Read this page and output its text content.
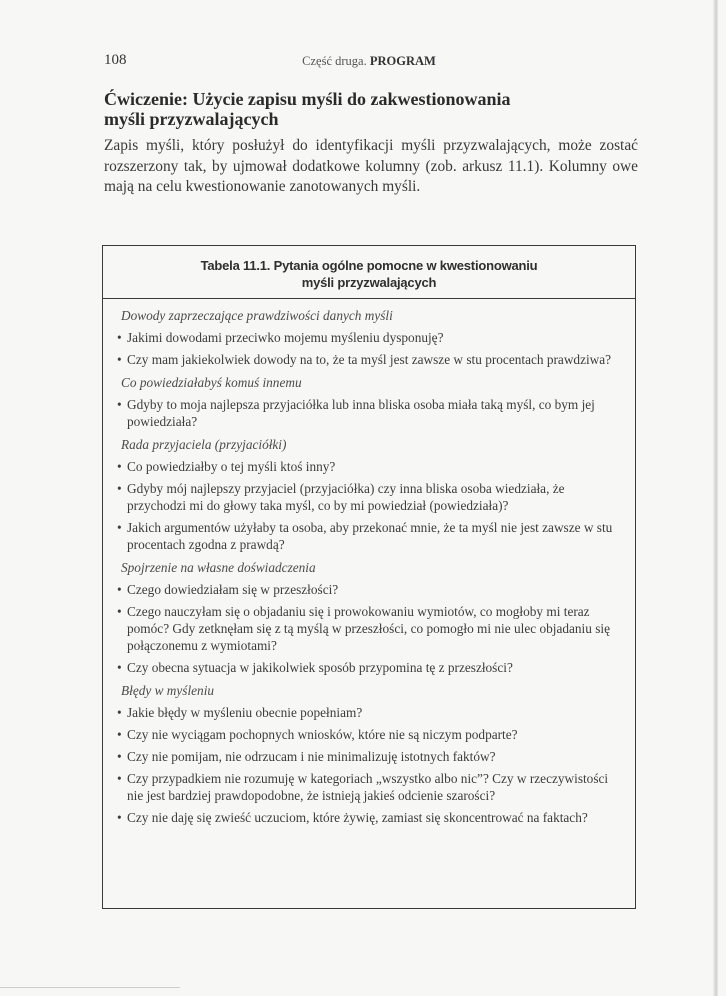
108	Część druga. PROGRAM
Ćwiczenie: Użycie zapisu myśli do zakwestionowania
myśli przyzwalających

Zapis myśli, który posłużył do identyfikacji myśli przyzwalających, może zostać rozszerzony tak, by ujmował dodatkowe kolumny (zob. arkusz 11.1). Kolumny owe mają na celu kwestionowanie zanotowanych myśli.

Tabela 11.1. Pytania ogólne pomocne w kwestionowaniu
myśli przyzwalających
Dowody zaprzeczające prawdziwości danych myśli
• Jakimi dowodami przeciwko mojemu myśleniu dysponuję?
• Czy mam jakiekolwiek dowody na to, że ta myśl jest zawsze w stu procentach prawdziwa?
Co powiedziałabyś komuś innemu
• Gdyby to moja najlepsza przyjaciółka lub inna bliska osoba miała taką myśl, co bym jej powiedziała?
Rada przyjaciela (przyjaciółki)
• Co powiedziałby o tej myśli ktoś inny?
• Gdyby mój najlepszy przyjaciel (przyjaciółka) czy inna bliska osoba wiedziała, że przychodzi mi do głowy taka myśl, co by mi powiedział (powiedziała)?
• Jakich argumentów użyłaby ta osoba, aby przekonać mnie, że ta myśl nie jest zawsze w stu procentach zgodna z prawdą?
Spojrzenie na własne doświadczenia
• Czego dowiedziałam się w przeszłości?
• Czego nauczyłam się o objadaniu się i prowokowaniu wymiotów, co mogłoby mi teraz pomóc? Gdy zetknęłam się z tą myślą w przeszłości, co pomogło mi nie ulec objadaniu się połączonemu z wymiotami?
• Czy obecna sytuacja w jakikolwiek sposób przypomina tę z przeszłości?
Błędy w myśleniu
• Jakie błędy w myśleniu obecnie popełniam?
• Czy nie wyciągam pochopnych wniosków, które nie są niczym podparte?
• Czy nie pomijam, nie odrzucam i nie minimalizuję istotnych faktów?
• Czy przypadkiem nie rozumuję w kategoriach „wszystko albo nic”? Czy w rzeczywistości nie jest bardziej prawdopodobne, że istnieją jakieś odcienie szarości?
• Czy nie daję się zwieść uczuciom, które żywię, zamiast się skoncentrować na faktach?
